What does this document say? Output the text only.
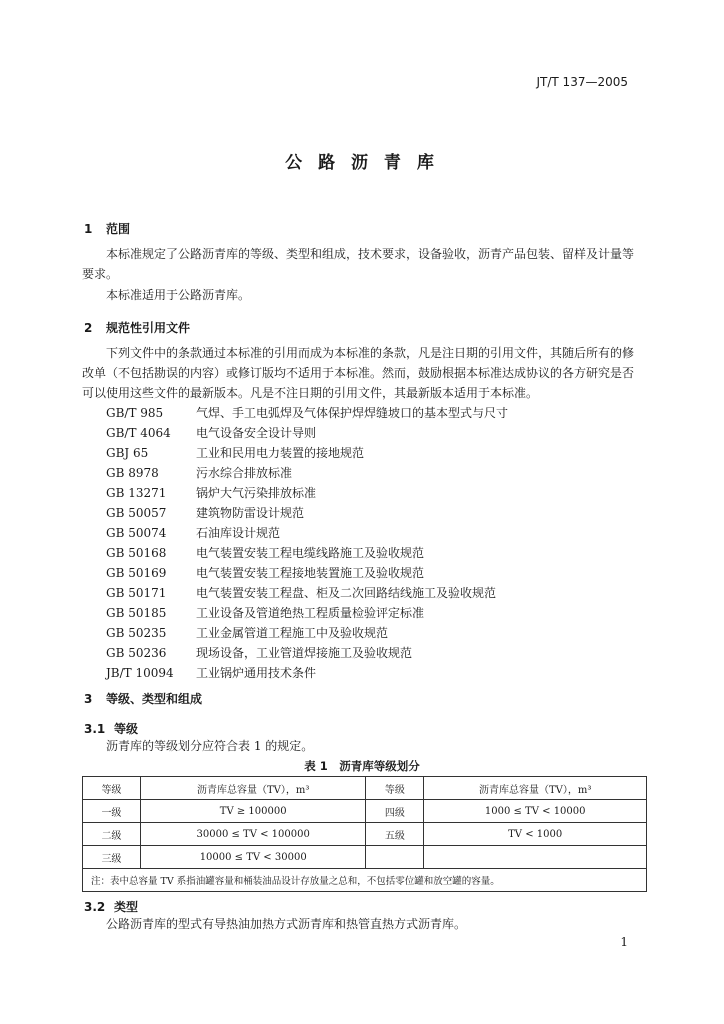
JT/T 137—2005
公 路 沥 青 库
1 范围
本标准规定了公路沥青库的等级、类型和组成，技术要求，设备验收，沥青产品包装、留样及计量等要求。
本标准适用于公路沥青库。
2 规范性引用文件
下列文件中的条款通过本标准的引用而成为本标准的条款，凡是注日期的引用文件，其随后所有的修改单（不包括勘误的内容）或修订版均不适用于本标准。然而，鼓励根据本标准达成协议的各方研究是否可以使用这些文件的最新版本。凡是不注日期的引用文件，其最新版本适用于本标准。
GB/T 985	气焊、手工电弧焊及气体保护焊焊缝坡口的基本型式与尺寸
GB/T 4064 电气设备安全设计导则
GBJ 65	工业和民用电力装置的接地规范
GB 8978	污水综合排放标准
GB 13271 锅炉大气污染排放标准
GB 50057 建筑物防雷设计规范
GB 50074 石油库设计规范
GB 50168 电气装置安装工程电缆线路施工及验收规范
GB 50169 电气装置安装工程接地装置施工及验收规范
GB 50171 电气装置安装工程盘、柜及二次回路结线施工及验收规范
GB 50185 工业设备及管道绝热工程质量检验评定标准
GB 50235 工业金属管道工程施工中及验收规范
GB 50236 现场设备，工业管道焊接施工及验收规范
JB/T 10094 工业锅炉通用技术条件
3 等级、类型和组成
3.1 等级
沥青库的等级划分应符合表 1 的规定。
表 1　沥青库等级划分
等级	沥青库总容量（TV），m³	等级	沥青库总容量（TV），m³
一级	TV ≥ 100000	四级	1000 ≤ TV < 10000
二级	30000 ≤ TV < 100000	五级	TV < 1000
三级	10000 ≤ TV < 30000		
注：表中总容量 TV 系指油罐容量和桶装油品设计存放量之总和，不包括零位罐和放空罐的容量。			
3.2 类型
公路沥青库的型式有导热油加热方式沥青库和热管直热方式沥青库。
1
